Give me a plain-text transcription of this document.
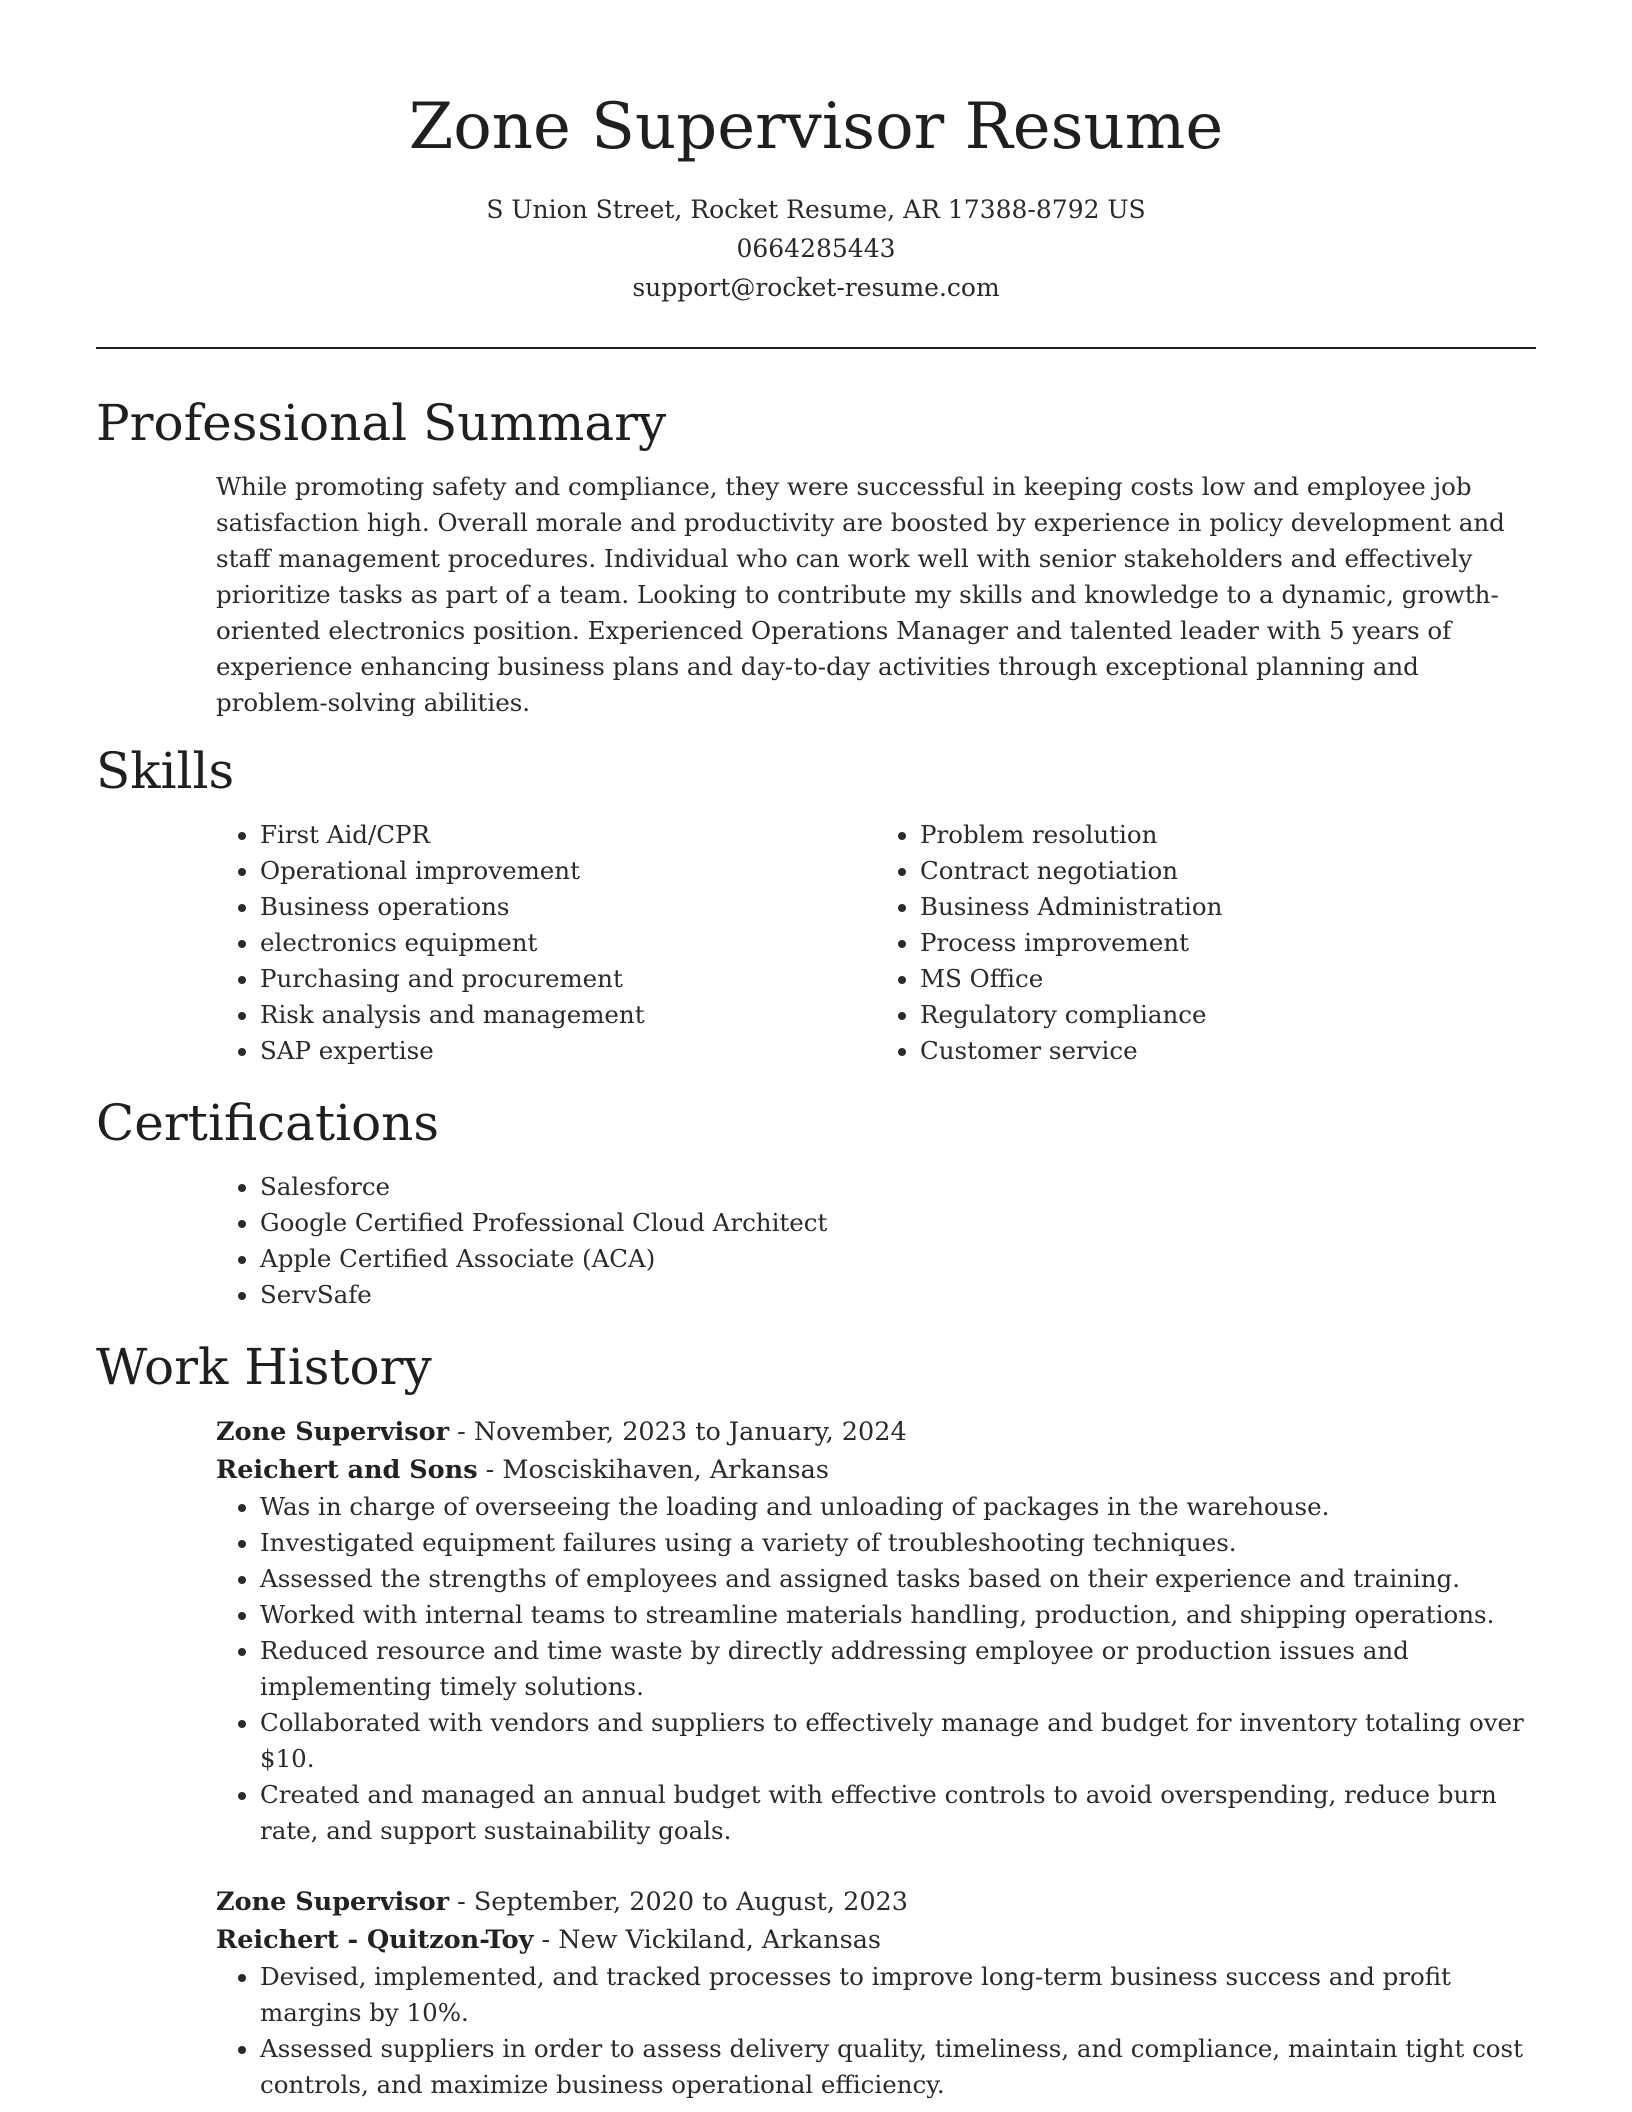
Zone Supervisor Resume
S Union Street, Rocket Resume, AR 17388-8792 US
0664285443
support@rocket-resume.com
Professional Summary

While promoting safety and compliance, they were successful in keeping costs low and employee job satisfaction high. Overall morale and productivity are boosted by experience in policy development and staff management procedures. Individual who can work well with senior stakeholders and effectively prioritize tasks as part of a team. Looking to contribute my skills and knowledge to a dynamic, growth-oriented electronics position. Experienced Operations Manager and talented leader with 5 years of experience enhancing business plans and day-to-day activities through exceptional planning and problem-solving abilities.

Skills
• First Aid/CPR
• Operational improvement
• Business operations
• electronics equipment
• Purchasing and procurement
• Risk analysis and management
• SAP expertise
• Problem resolution
• Contract negotiation
• Business Administration
• Process improvement
• MS Office
• Regulatory compliance
• Customer service
Certifications
• Salesforce
• Google Certified Professional Cloud Architect
• Apple Certified Associate (ACA)
• ServSafe
Work History
Zone Supervisor - November, 2023 to January, 2024
Reichert and Sons - Mosciskihaven, Arkansas
• Was in charge of overseeing the loading and unloading of packages in the warehouse.
• Investigated equipment failures using a variety of troubleshooting techniques.
• Assessed the strengths of employees and assigned tasks based on their experience and training.
• Worked with internal teams to streamline materials handling, production, and shipping operations.
• Reduced resource and time waste by directly addressing employee or production issues and implementing timely solutions.
• Collaborated with vendors and suppliers to effectively manage and budget for inventory totaling over $10.
• Created and managed an annual budget with effective controls to avoid overspending, reduce burn rate, and support sustainability goals.
Zone Supervisor - September, 2020 to August, 2023
Reichert - Quitzon-Toy - New Vickiland, Arkansas
• Devised, implemented, and tracked processes to improve long-term business success and profit margins by 10%.
• Assessed suppliers in order to assess delivery quality, timeliness, and compliance, maintain tight cost controls, and maximize business operational efficiency.
